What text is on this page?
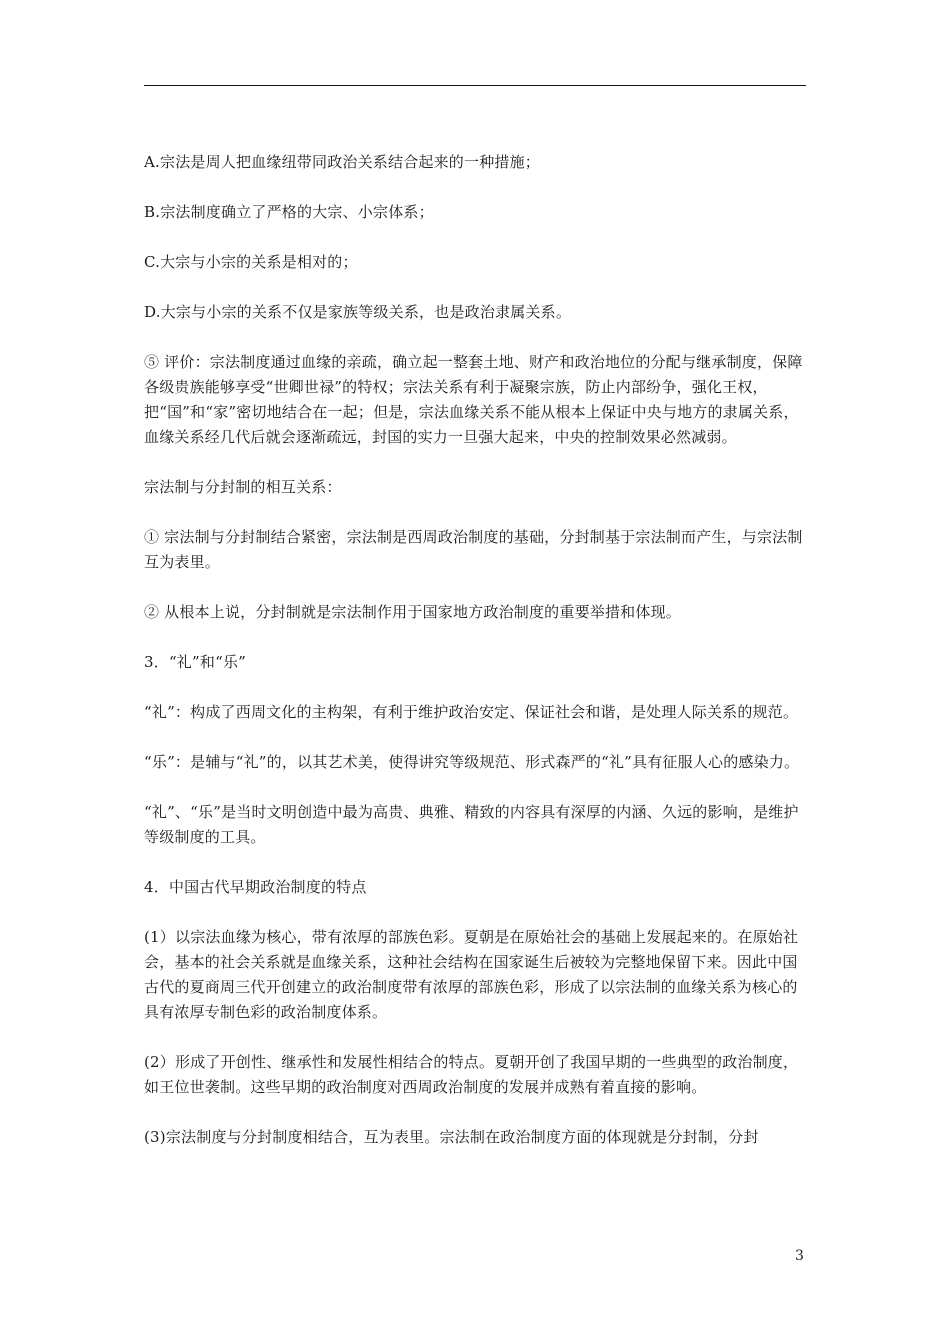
A.宗法是周人把血缘纽带同政治关系结合起来的一种措施；

B.宗法制度确立了严格的大宗、小宗体系；

C.大宗与小宗的关系是相对的；

D.大宗与小宗的关系不仅是家族等级关系，也是政治隶属关系。

⑤ 评价：宗法制度通过血缘的亲疏，确立起一整套土地、财产和政治地位的分配与继承制度，保障各级贵族能够享受“世卿世禄”的特权；宗法关系有利于凝聚宗族，防止内部纷争，强化王权，把“国”和“家”密切地结合在一起；但是，宗法血缘关系不能从根本上保证中央与地方的隶属关系，血缘关系经几代后就会逐渐疏远，封国的实力一旦强大起来，中央的控制效果必然减弱。

宗法制与分封制的相互关系：

① 宗法制与分封制结合紧密，宗法制是西周政治制度的基础，分封制基于宗法制而产生，与宗法制互为表里。

② 从根本上说，分封制就是宗法制作用于国家地方政治制度的重要举措和体现。

3．“礼”和“乐”

“礼”：构成了西周文化的主构架，有利于维护政治安定、保证社会和谐，是处理人际关系的规范。

“乐”：是辅与“礼”的，以其艺术美，使得讲究等级规范、形式森严的“礼”具有征服人心的感染力。

“礼”、“乐”是当时文明创造中最为高贵、典雅、精致的内容具有深厚的内涵、久远的影响，是维护等级制度的工具。

4．中国古代早期政治制度的特点

(1）以宗法血缘为核心，带有浓厚的部族色彩。夏朝是在原始社会的基础上发展起来的。在原始社会，基本的社会关系就是血缘关系，这种社会结构在国家诞生后被较为完整地保留下来。因此中国古代的夏商周三代开创建立的政治制度带有浓厚的部族色彩，形成了以宗法制的血缘关系为核心的具有浓厚专制色彩的政治制度体系。

(2）形成了开创性、继承性和发展性相结合的特点。夏朝开创了我国早期的一些典型的政治制度，如王位世袭制。这些早期的政治制度对西周政治制度的发展并成熟有着直接的影响。

(3)宗法制度与分封制度相结合，互为表里。宗法制在政治制度方面的体现就是分封制，分封

3
